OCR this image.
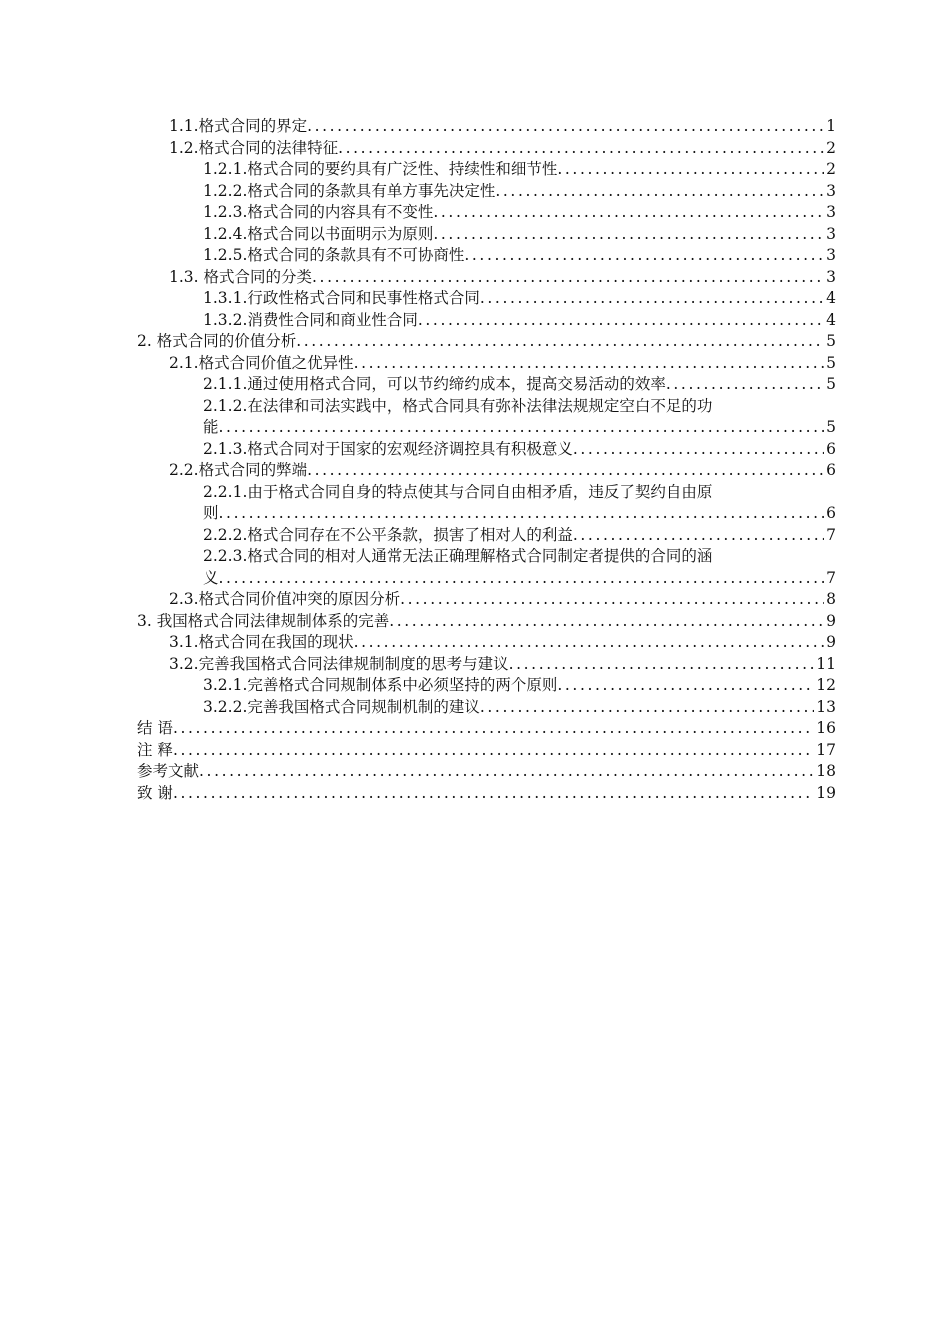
1.1.格式合同的界定 .....	1
1.2.格式合同的法律特征 .....	2
1.2.1.格式合同的要约具有广泛性、持续性和细节性 .....	2
1.2.2.格式合同的条款具有单方事先决定性 .....	3
1.2.3.格式合同的内容具有不变性 .....	3
1.2.4.格式合同以书面明示为原则 .....	3
1.2.5.格式合同的条款具有不可协商性 .....	3
1.3. 格式合同的分类 .....	3
1.3.1.行政性格式合同和民事性格式合同 .....	4
1.3.2.消费性合同和商业性合同 .....	4
2. 格式合同的价值分析 .....	5
2.1.格式合同价值之优异性 .....	5
2.1.1.通过使用格式合同，可以节约缔约成本，提高交易活动的效率 .....	5
2.1.2.在法律和司法实践中，格式合同具有弥补法律法规规定空白不足的功
能 .....	5
2.1.3.格式合同对于国家的宏观经济调控具有积极意义 .....	6
2.2.格式合同的弊端 .....	6
2.2.1.由于格式合同自身的特点使其与合同自由相矛盾，违反了契约自由原
则 .....	6
2.2.2.格式合同存在不公平条款，损害了相对人的利益 .....	7
2.2.3.格式合同的相对人通常无法正确理解格式合同制定者提供的合同的涵
义 .....	7
2.3.格式合同价值冲突的原因分析 .....	8
3. 我国格式合同法律规制体系的完善 .....	9
3.1.格式合同在我国的现状 .....	9
3.2.完善我国格式合同法律规制制度的思考与建议 .....	11
3.2.1.完善格式合同规制体系中必须坚持的两个原则 .....	12
3.2.2.完善我国格式合同规制机制的建议 .....	13
结 语 .....	16
注 释 .....	17
参考文献 .....	18
致 谢 .....	19
